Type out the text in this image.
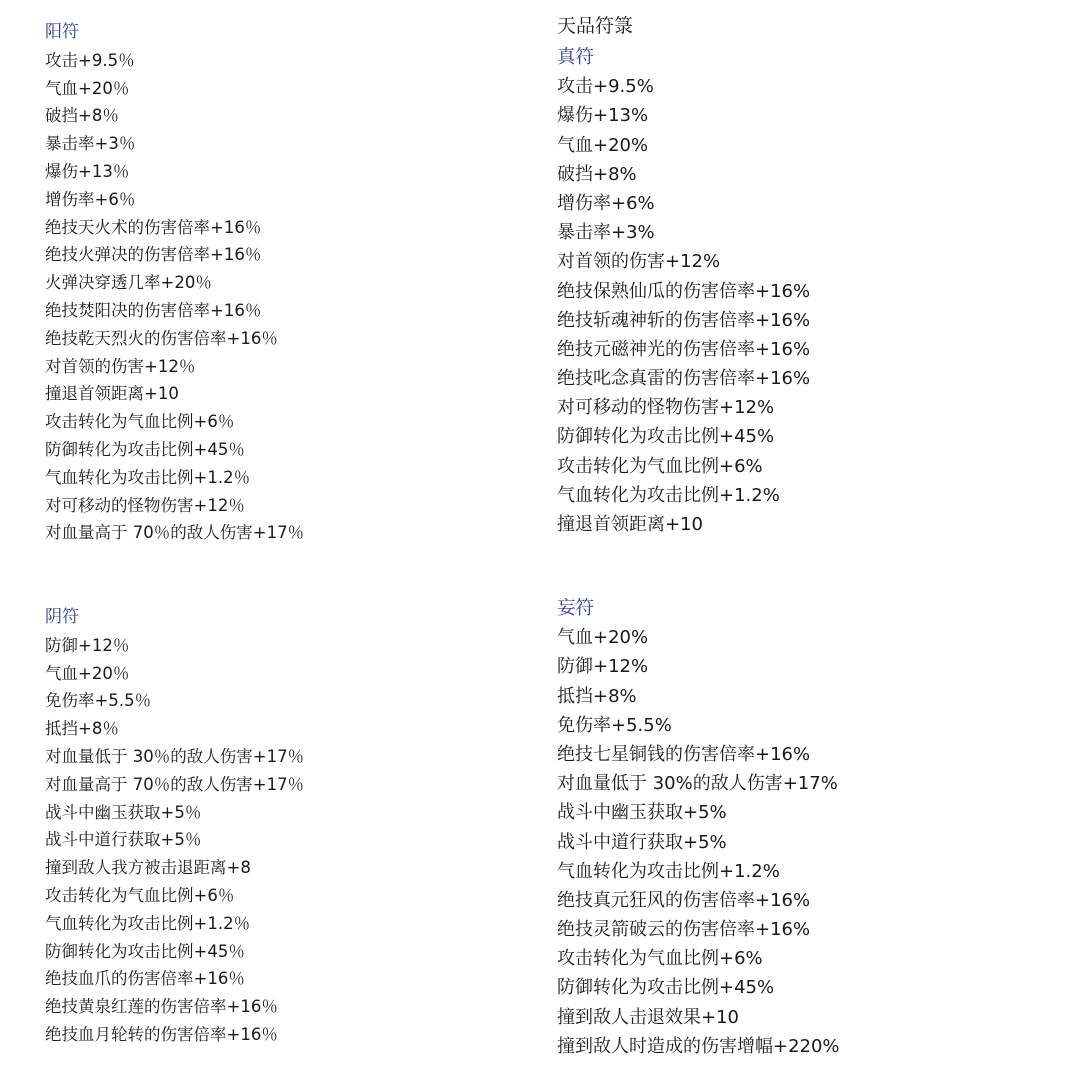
天品符箓
阳符
攻击+9.5％
气血+20％
破挡+8％
暴击率+3％
爆伤+13％
增伤率+6％
绝技天火术的伤害倍率+16％
绝技火弹决的伤害倍率+16％
火弹决穿透几率+20％
绝技焚阳决的伤害倍率+16％
绝技乾天烈火的伤害倍率+16％
对首领的伤害+12％
撞退首领距离+10
攻击转化为气血比例+6％
防御转化为攻击比例+45％
气血转化为攻击比例+1.2％
对可移动的怪物伤害+12％
对血量高于 70％的敌人伤害+17％
真符
攻击+9.5%
爆伤+13%
气血+20%
破挡+8%
增伤率+6%
暴击率+3%
对首领的伤害+12%
绝技保熟仙瓜的伤害倍率+16%
绝技斩魂神斩的伤害倍率+16%
绝技元磁神光的伤害倍率+16%
绝技叱念真雷的伤害倍率+16%
对可移动的怪物伤害+12%
防御转化为攻击比例+45%
攻击转化为气血比例+6%
气血转化为攻击比例+1.2%
撞退首领距离+10
阴符
防御+12％
气血+20％
免伤率+5.5％
抵挡+8％
对血量低于 30％的敌人伤害+17％
对血量高于 70％的敌人伤害+17％
战斗中幽玉获取+5％
战斗中道行获取+5％
撞到敌人我方被击退距离+8
攻击转化为气血比例+6％
气血转化为攻击比例+1.2％
防御转化为攻击比例+45％
绝技血爪的伤害倍率+16％
绝技黄泉红莲的伤害倍率+16％
绝技血月轮转的伤害倍率+16％
妄符
气血+20%
防御+12%
抵挡+8%
免伤率+5.5%
绝技七星铜钱的伤害倍率+16%
对血量低于 30%的敌人伤害+17%
战斗中幽玉获取+5%
战斗中道行获取+5%
气血转化为攻击比例+1.2%
绝技真元狂风的伤害倍率+16%
绝技灵箭破云的伤害倍率+16%
攻击转化为气血比例+6%
防御转化为攻击比例+45%
撞到敌人击退效果+10
撞到敌人时造成的伤害增幅+220%
